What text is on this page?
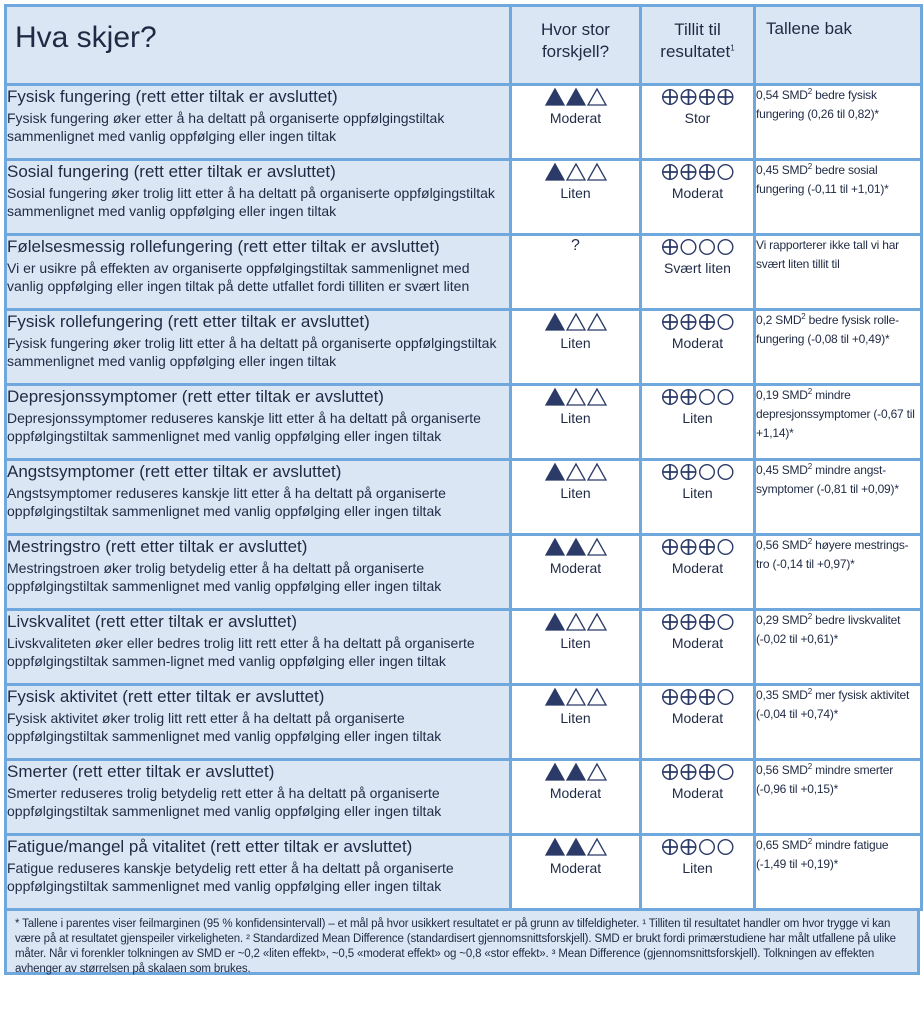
Hva skjer?	Hvor stor forskjell?	Tillit til resultatet$^1$	Tallene bak

Fysisk fungering (rett etter tiltak er avsluttet)
Fysisk fungering øker etter å ha deltatt på organiserte oppfølgingstiltak sammenlignet med vanlig oppfølging eller ingen tiltak	Moderat	Stor	0,54 SMD$^2$ bedre fysisk fungering (0,26 til 0,82)*

Sosial fungering (rett etter tiltak er avsluttet)
Sosial fungering øker trolig litt etter å ha deltatt på organiserte oppfølgingstiltak sammenlignet med vanlig oppfølging eller ingen tiltak	Liten	Moderat	0,45 SMD$^2$ bedre sosial fungering (-0,11 til +1,01)*

Følelsesmessig rollefungering (rett etter tiltak er avsluttet)
Vi er usikre på effekten av organiserte oppfølgingstiltak sammenlignet med vanlig oppfølging eller ingen tiltak på dette utfallet fordi tilliten er svært liten	?	Svært liten	Vi rapporterer ikke tall vi har svært liten tillit til

Fysisk rollefungering (rett etter tiltak er avsluttet)
Fysisk fungering øker trolig litt etter å ha deltatt på organiserte oppfølgingstiltak sammenlignet med vanlig oppfølging eller ingen tiltak	Liten	Moderat	0,2 SMD$^2$ bedre fysisk rolle-fungering (-0,08 til +0,49)*

Depresjonssymptomer (rett etter tiltak er avsluttet)
Depresjonssymptomer reduseres kanskje litt etter å ha deltatt på organiserte oppfølgingstiltak sammenlignet med vanlig oppfølging eller ingen tiltak	Liten	Liten	0,19 SMD$^2$ mindre depresjonssymptomer (-0,67 til +1,14)*

Angstsymptomer (rett etter tiltak er avsluttet)
Angstsymptomer reduseres kanskje litt etter å ha deltatt på organiserte oppfølgingstiltak sammenlignet med vanlig oppfølging eller ingen tiltak	Liten	Liten	0,45 SMD$^2$ mindre angst-symptomer (-0,81 til +0,09)*

Mestringstro (rett etter tiltak er avsluttet)
Mestringstroen øker trolig betydelig etter å ha deltatt på organiserte oppfølgingstiltak sammenlignet med vanlig oppfølging eller ingen tiltak	Moderat	Moderat	0,56 SMD$^2$ høyere mestrings-tro (-0,14 til +0,97)*

Livskvalitet (rett etter tiltak er avsluttet)
Livskvaliteten øker eller bedres trolig litt rett etter å ha deltatt på organiserte oppfølgingstiltak sammen-lignet med vanlig oppfølging eller ingen tiltak	Liten	Moderat	0,29 SMD$^2$ bedre livskvalitet (-0,02 til +0,61)*

Fysisk aktivitet (rett etter tiltak er avsluttet)
Fysisk aktivitet øker trolig litt rett etter å ha deltatt på organiserte oppfølgingstiltak sammenlignet med vanlig oppfølging eller ingen tiltak	Liten	Moderat	0,35 SMD$^2$ mer fysisk aktivitet (-0,04 til +0,74)*

Smerter (rett etter tiltak er avsluttet)
Smerter reduseres trolig betydelig rett etter å ha deltatt på organiserte oppfølgingstiltak sammenlignet med vanlig oppfølging eller ingen tiltak	Moderat	Moderat	0,56 SMD$^2$ mindre smerter (-0,96 til +0,15)*

Fatigue/mangel på vitalitet (rett etter tiltak er avsluttet)
Fatigue reduseres kanskje betydelig rett etter å ha deltatt på organiserte oppfølgingstiltak sammenlignet med vanlig oppfølging eller ingen tiltak	Moderat	Liten	0,65 SMD$^2$ mindre fatigue (-1,49 til +0,19)*
* Tallene i parentes viser feilmarginen (95 % konfidensintervall) – et mål på hvor usikkert resultatet er på grunn av tilfeldigheter. ¹ Tilliten til resultatet handler om hvor trygge vi kan være på at resultatet gjenspeiler virkeligheten. ² Standardized Mean Difference (standardisert gjennomsnittsforskjell). SMD er brukt fordi primærstudiene har målt utfallene på ulike måter. Når vi forenkler tolkningen av SMD er ~0,2 «liten effekt», ~0,5 «moderat effekt» og ~0,8 «stor effekt». ³ Mean Difference (gjennomsnittsforskjell). Tolkningen av effekten avhenger av størrelsen på skalaen som brukes.
